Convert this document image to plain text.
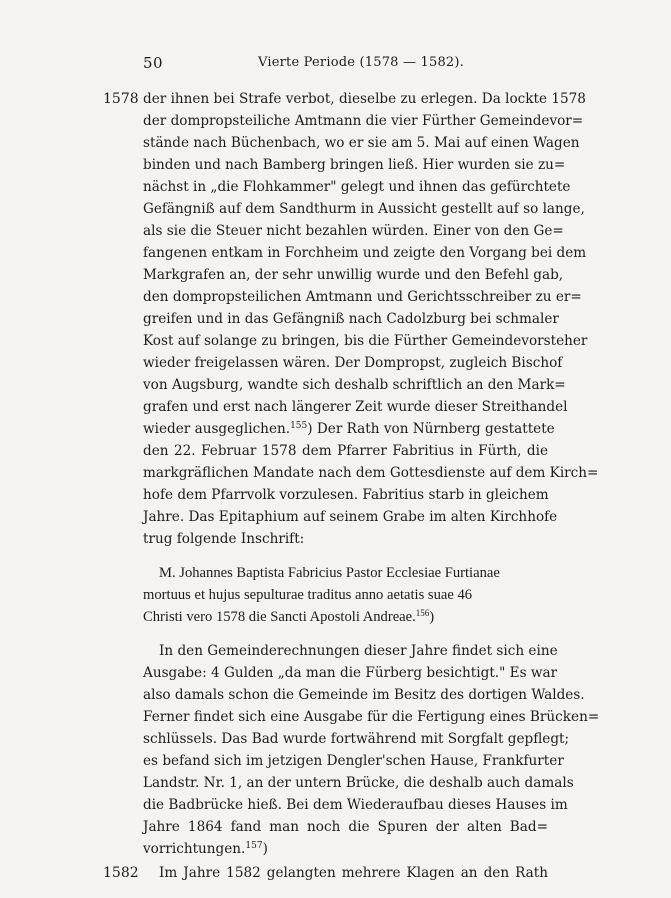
50	Vierte Periode (1578 — 1582).
1578 der ihnen bei Strafe verbot, dieselbe zu erlegen. Da lockte 1578
der dompropsteiliche Amtmann die vier Fürther Gemeindevor=
stände nach Büchenbach, wo er sie am 5. Mai auf einen Wagen
binden und nach Bamberg bringen ließ. Hier wurden sie zu=
nächst in „die Flohkammer" gelegt und ihnen das gefürchtete
Gefängniß auf dem Sandthurm in Aussicht gestellt auf so lange,
als sie die Steuer nicht bezahlen würden. Einer von den Ge=
fangenen entkam in Forchheim und zeigte den Vorgang bei dem
Markgrafen an, der sehr unwillig wurde und den Befehl gab,
den dompropsteilichen Amtmann und Gerichtsschreiber zu er=
greifen und in das Gefängniß nach Cadolzburg bei schmaler
Kost auf solange zu bringen, bis die Fürther Gemeindevorsteher
wieder freigelassen wären. Der Dompropst, zugleich Bischof
von Augsburg, wandte sich deshalb schriftlich an den Mark=
grafen und erst nach längerer Zeit wurde dieser Streithandel
wieder ausgeglichen.$^{155}$) Der Rath von Nürnberg gestattete
den 22. Februar 1578 dem Pfarrer Fabritius in Fürth, die
markgräflichen Mandate nach dem Gottesdienste auf dem Kirch=
hofe dem Pfarrvolk vorzulesen. Fabritius starb in gleichem
Jahre. Das Epitaphium auf seinem Grabe im alten Kirchhofe
trug folgende Inschrift:
M. Johannes Baptista Fabricius Pastor Ecclesiae Furtianae
mortuus et hujus sepulturae traditus anno aetatis suae 46
Christi vero 1578 die Sancti Apostoli Andreae.$^{156}$)
In den Gemeinderechnungen dieser Jahre findet sich eine
Ausgabe: 4 Gulden „da man die Fürberg besichtigt." Es war
also damals schon die Gemeinde im Besitz des dortigen Waldes.
Ferner findet sich eine Ausgabe für die Fertigung eines Brücken=
schlüssels. Das Bad wurde fortwährend mit Sorgfalt gepflegt;
es befand sich im jetzigen Dengler'schen Hause, Frankfurter
Landstr. Nr. 1, an der untern Brücke, die deshalb auch damals
die Badbrücke hieß. Bei dem Wiederaufbau dieses Hauses im
Jahre 1864 fand man noch die Spuren der alten Bad=
vorrichtungen.$^{157}$)
1582 Im Jahre 1582 gelangten mehrere Klagen an den Rath
